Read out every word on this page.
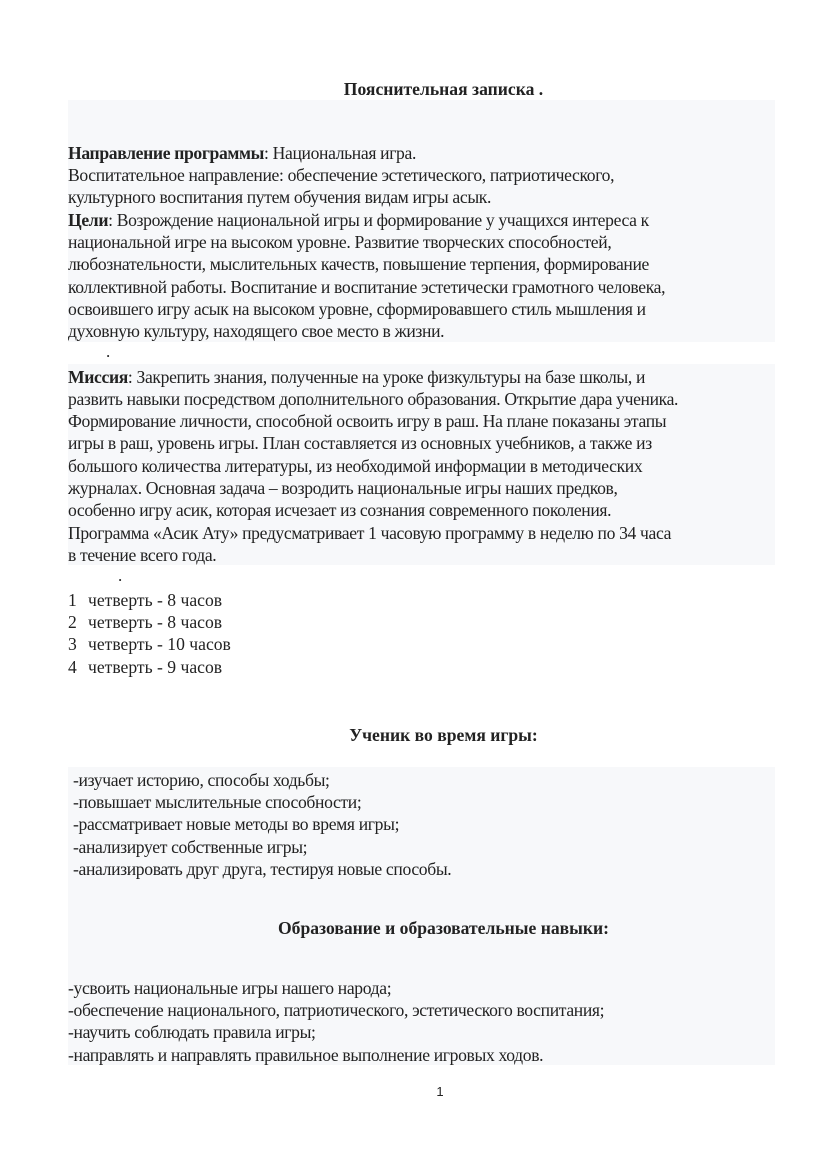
Пояснительная записка .
Направление программы: Национальная игра.
Воспитательное направление: обеспечение эстетического, патриотического,
культурного воспитания путем обучения видам игры асык.
Цели: Возрождение национальной игры и формирование у учащихся интереса к
национальной игре на высоком уровне. Развитие творческих способностей,
любознательности, мыслительных качеств, повышение терпения, формирование
коллективной работы. Воспитание и воспитание эстетически грамотного человека,
освоившего игру асык на высоком уровне, сформировавшего стиль мышления и
духовную культуру, находящего свое место в жизни.
.
Миссия: Закрепить знания, полученные на уроке физкультуры на базе школы, и
развить навыки посредством дополнительного образования. Открытие дара ученика.
Формирование личности, способной освоить игру в раш. На плане показаны этапы
игры в раш, уровень игры. План составляется из основных учебников, а также из
большого количества литературы, из необходимой информации в методических
журналах. Основная задача – возродить национальные игры наших предков,
особенно игру асик, которая исчезает из сознания современного поколения.
Программа «Асик Ату» предусматривает 1 часовую программу в неделю по 34 часа
в течение всего года.
.
1 четверть - 8 часов
2 четверть - 8 часов
3 четверть - 10 часов
4 четверть - 9 часов
Ученик во время игры:
-изучает историю, способы ходьбы;
-повышает мыслительные способности;
-рассматривает новые методы во время игры;
-анализирует собственные игры;
-анализировать друг друга, тестируя новые способы.
Образование и образовательные навыки:
-усвоить национальные игры нашего народа;
-обеспечение национального, патриотического, эстетического воспитания;
-научить соблюдать правила игры;
-направлять и направлять правильное выполнение игровых ходов.
1
